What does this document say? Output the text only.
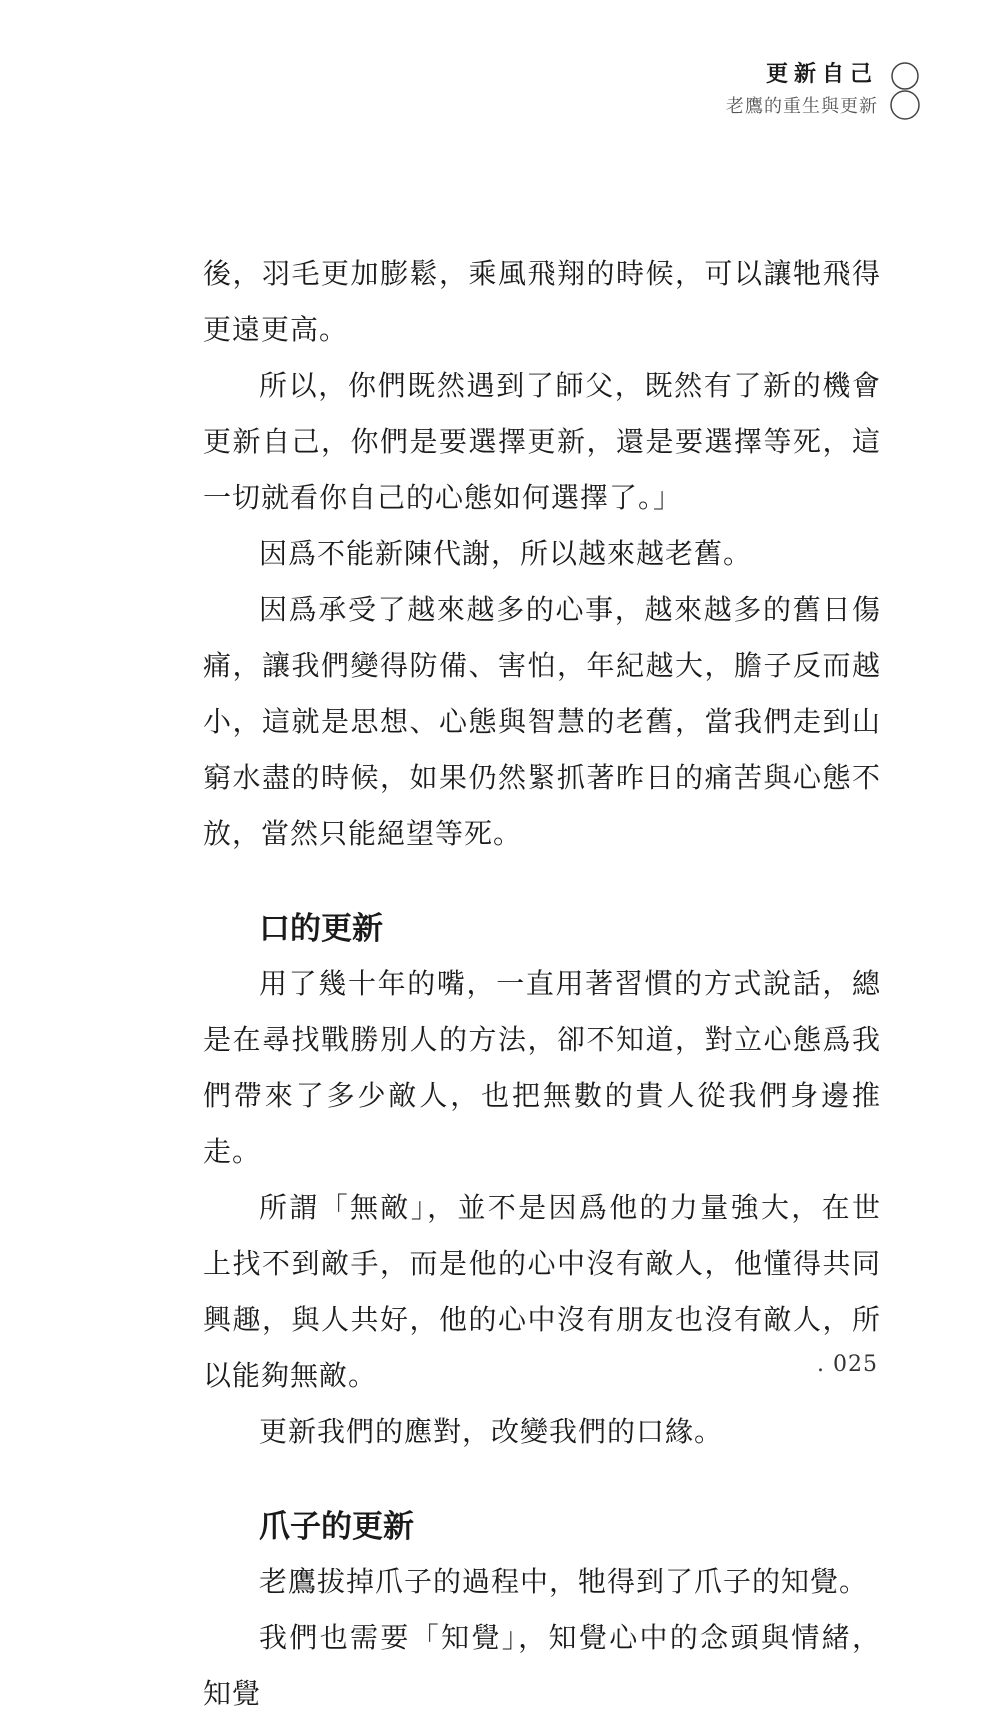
更新自己
老鷹的重生與更新

後，羽毛更加膨鬆，乘風飛翔的時候，可以讓牠飛得更遠更高。

所以，你們既然遇到了師父，既然有了新的機會更新自己，你們是要選擇更新，還是要選擇等死，這一切就看你自己的心態如何選擇了。」

因爲不能新陳代謝，所以越來越老舊。

因爲承受了越來越多的心事，越來越多的舊日傷痛，讓我們變得防備、害怕，年紀越大，膽子反而越小，這就是思想、心態與智慧的老舊，當我們走到山窮水盡的時候，如果仍然緊抓著昨日的痛苦與心態不放，當然只能絕望等死。

口的更新

用了幾十年的嘴，一直用著習慣的方式說話，總是在尋找戰勝別人的方法，卻不知道，對立心態爲我們帶來了多少敵人，也把無數的貴人從我們身邊推走。

所謂「無敵」，並不是因爲他的力量強大，在世上找不到敵手，而是他的心中沒有敵人，他懂得共同興趣，與人共好，他的心中沒有朋友也沒有敵人，所以能夠無敵。

更新我們的應對，改變我們的口緣。

爪子的更新

老鷹拔掉爪子的過程中，牠得到了爪子的知覺。

我們也需要「知覺」，知覺心中的念頭與情緒，知覺

. 025
